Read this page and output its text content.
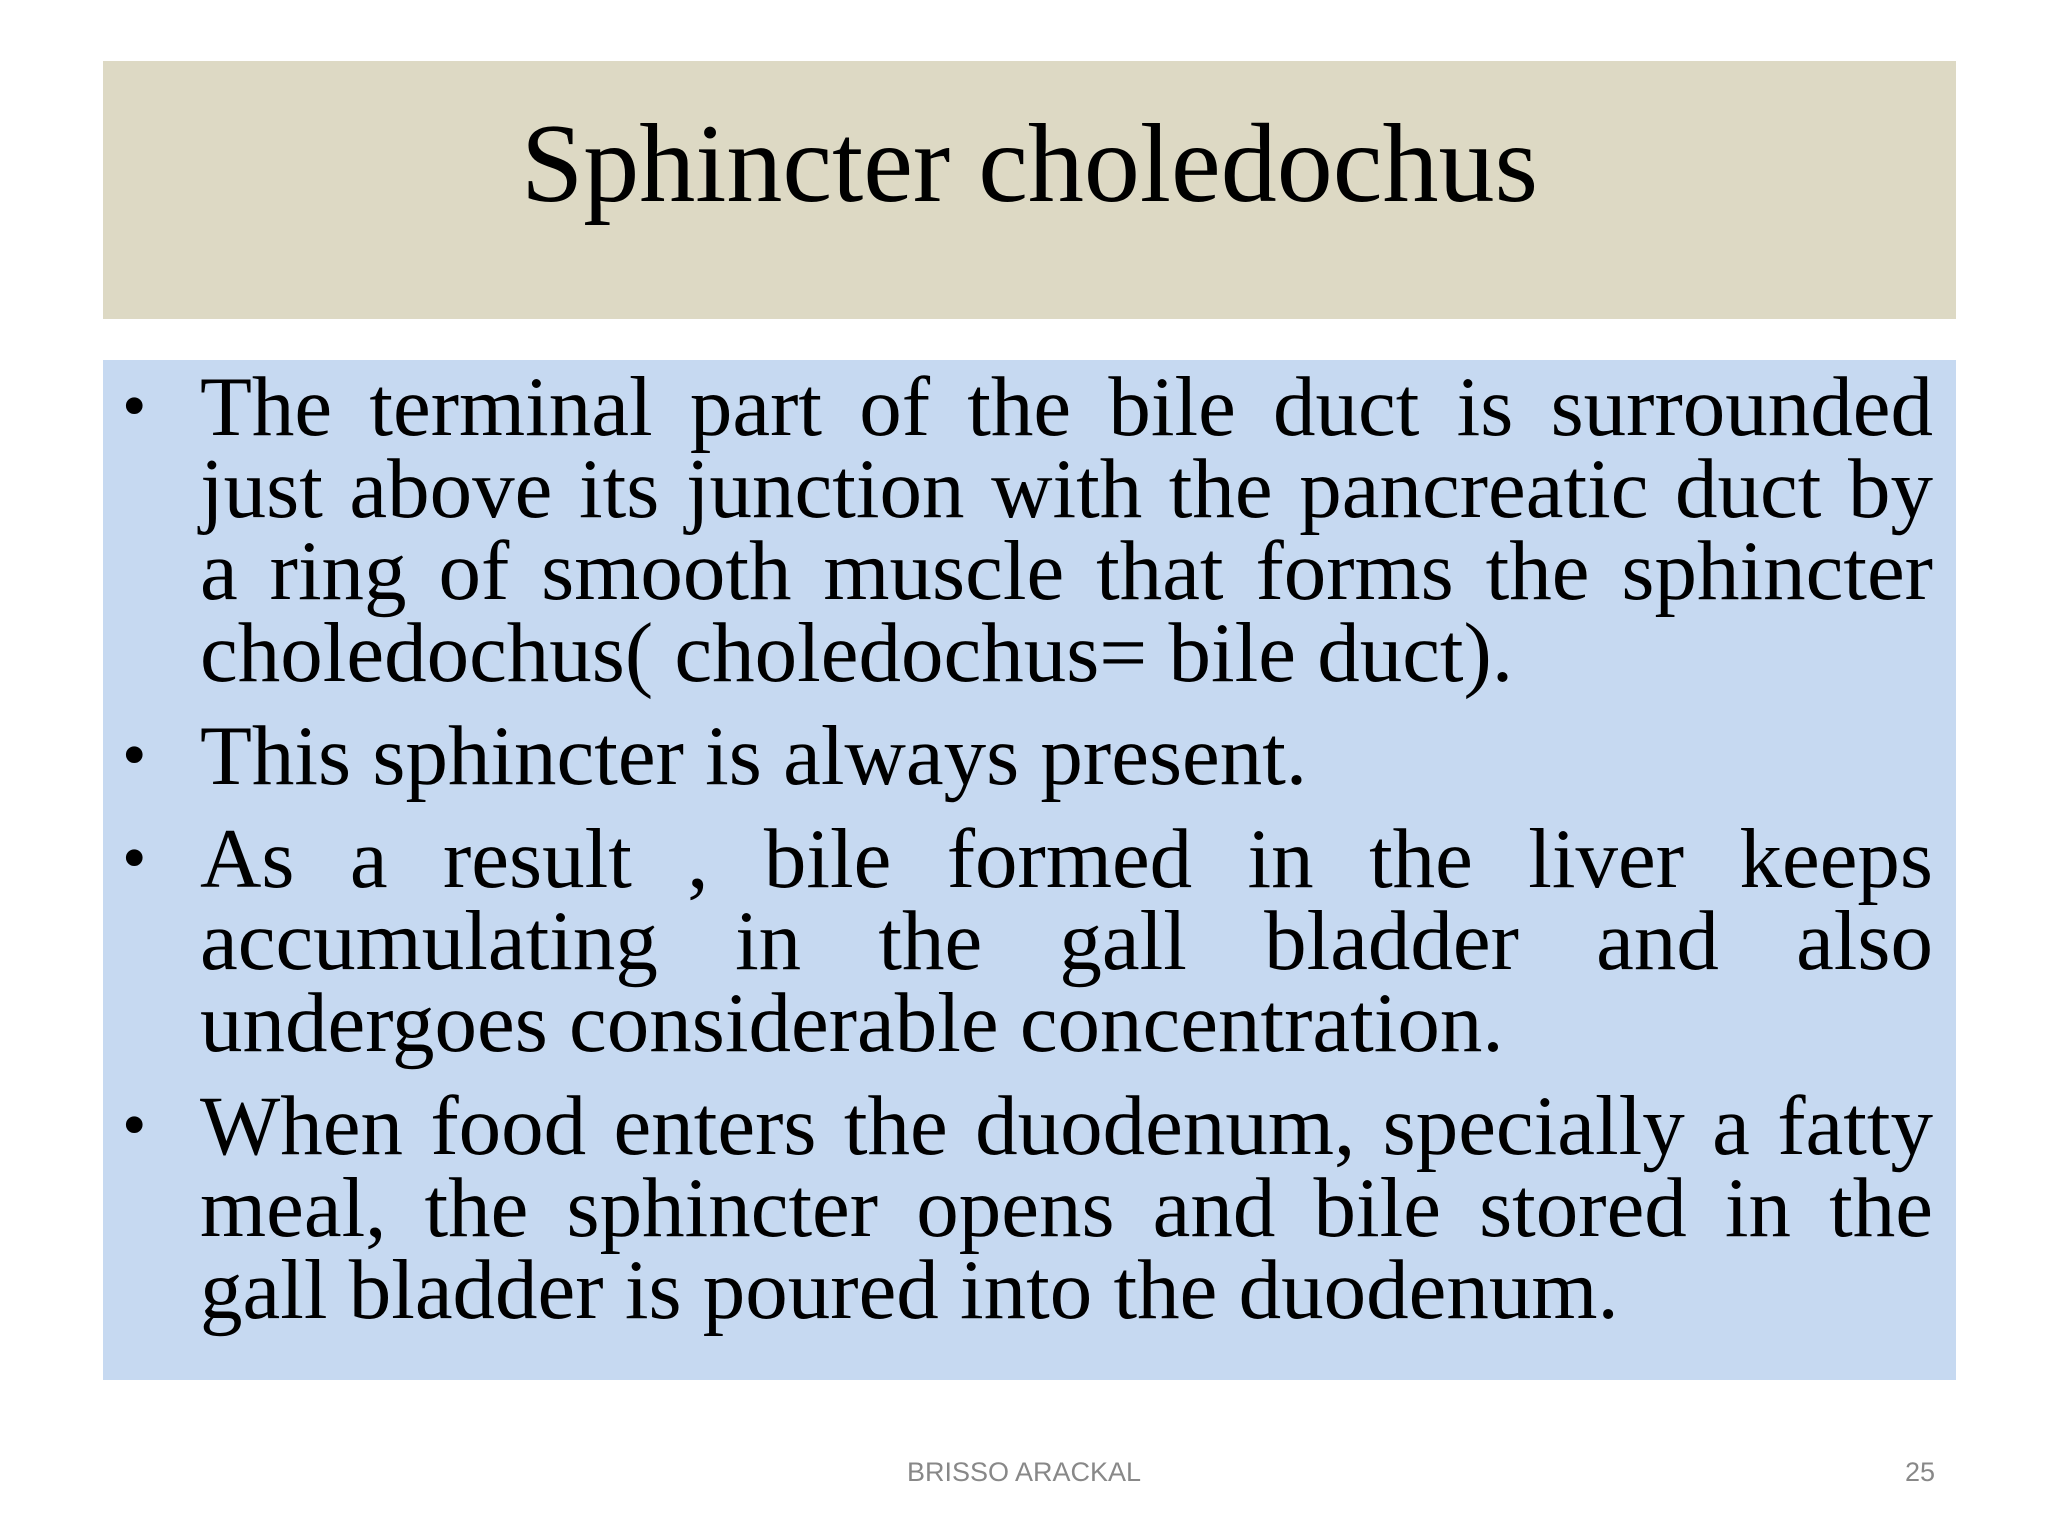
Sphincter choledochus
• The terminal part of the bile duct is surrounded just above its junction with the pancreatic duct by a ring of smooth muscle that forms the sphincter choledochus( choledochus= bile duct).
• This sphincter is always present.
• As a result , bile formed in the liver keeps accumulating in the gall bladder and also undergoes considerable concentration.
• When food enters the duodenum, specially a fatty meal, the sphincter opens and bile stored in the gall bladder is poured into the duodenum.
BRISSO ARACKAL	25
